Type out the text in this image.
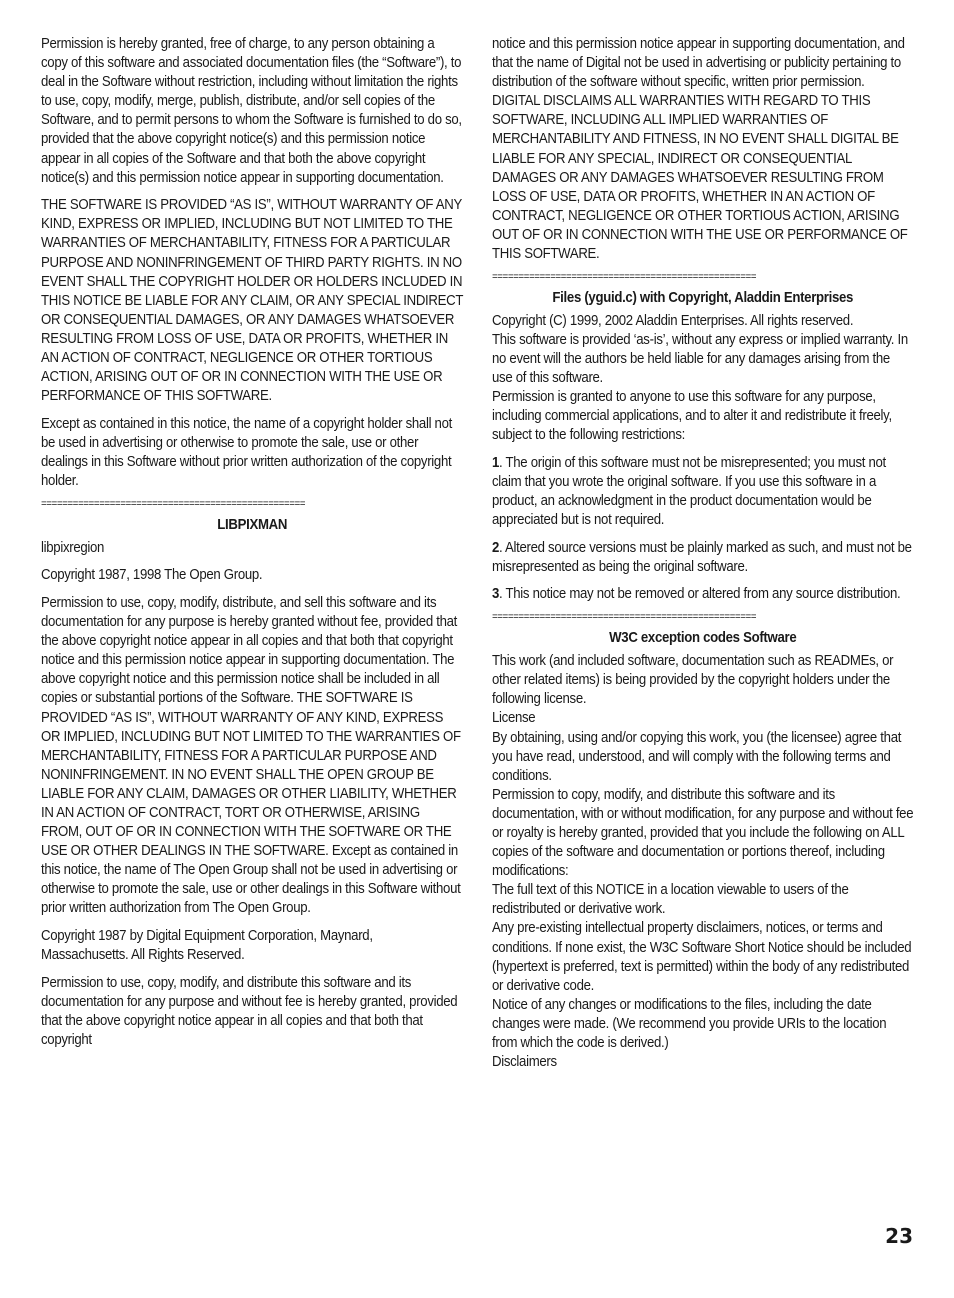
Permission is hereby granted, free of charge, to any person obtaining a copy of this software and associated documentation files (the “Software”), to deal in the Software without restriction, including without limitation the rights to use, copy, modify, merge, publish, distribute, and/or sell copies of the Software, and to permit persons to whom the Software is furnished to do so, provided that the above copyright notice(s) and this permission notice appear in all copies of the Software and that both the above copyright notice(s) and this permission notice appear in supporting documentation.

THE SOFTWARE IS PROVIDED “AS IS”, WITHOUT WARRANTY OF ANY KIND, EXPRESS OR IMPLIED, INCLUDING BUT NOT LIMITED TO THE WARRANTIES OF MERCHANTABILITY, FITNESS FOR A PARTICULAR PURPOSE AND NONINFRINGEMENT OF THIRD PARTY RIGHTS. IN NO EVENT SHALL THE COPYRIGHT HOLDER OR HOLDERS INCLUDED IN THIS NOTICE BE LIABLE FOR ANY CLAIM, OR ANY SPECIAL INDIRECT OR CONSEQUENTIAL DAMAGES, OR ANY DAMAGES WHATSOEVER RESULTING FROM LOSS OF USE, DATA OR PROFITS, WHETHER IN AN ACTION OF CONTRACT, NEGLIGENCE OR OTHER TORTIOUS ACTION, ARISING OUT OF OR IN CONNECTION WITH THE USE OR PERFORMANCE OF THIS SOFTWARE.

Except as contained in this notice, the name of a copyright holder shall not be used in advertising or otherwise to promote the sale, use or other dealings in this Software without prior written authorization of the copyright holder.

==================================================
LIBPIXMAN

libpixregion

Copyright 1987, 1998 The Open Group.

Permission to use, copy, modify, distribute, and sell this software and its documentation for any purpose is hereby granted without fee, provided that the above copyright notice appear in all copies and that both that copyright notice and this permission notice appear in supporting documentation. The above copyright notice and this permission notice shall be included in all copies or substantial portions of the Software. THE SOFTWARE IS PROVIDED “AS IS”, WITHOUT WARRANTY OF ANY KIND, EXPRESS OR IMPLIED, INCLUDING BUT NOT LIMITED TO THE WARRANTIES OF MERCHANTABILITY, FITNESS FOR A PARTICULAR PURPOSE AND NONINFRINGEMENT. IN NO EVENT SHALL THE OPEN GROUP BE LIABLE FOR ANY CLAIM, DAMAGES OR OTHER LIABILITY, WHETHER IN AN ACTION OF CONTRACT, TORT OR OTHERWISE, ARISING FROM, OUT OF OR IN CONNECTION WITH THE SOFTWARE OR THE USE OR OTHER DEALINGS IN THE SOFTWARE. Except as contained in this notice, the name of The Open Group shall not be used in advertising or otherwise to promote the sale, use or other dealings in this Software without prior written authorization from The Open Group.

Copyright 1987 by Digital Equipment Corporation, Maynard, Massachusetts. All Rights Reserved.

Permission to use, copy, modify, and distribute this software and its documentation for any purpose and without fee is hereby granted, provided that the above copyright notice appear in all copies and that both that copyright

notice and this permission notice appear in supporting documentation, and that the name of Digital not be used in advertising or publicity pertaining to distribution of the software without specific, written prior permission. DIGITAL DISCLAIMS ALL WARRANTIES WITH REGARD TO THIS SOFTWARE, INCLUDING ALL IMPLIED WARRANTIES OF MERCHANTABILITY AND FITNESS, IN NO EVENT SHALL DIGITAL BE LIABLE FOR ANY SPECIAL, INDIRECT OR CONSEQUENTIAL DAMAGES OR ANY DAMAGES WHATSOEVER RESULTING FROM LOSS OF USE, DATA OR PROFITS, WHETHER IN AN ACTION OF CONTRACT, NEGLIGENCE OR OTHER TORTIOUS ACTION, ARISING OUT OF OR IN CONNECTION WITH THE USE OR PERFORMANCE OF THIS SOFTWARE.

==================================================
Files (yguid.c) with Copyright, Aladdin Enterprises

Copyright (C) 1999, 2002 Aladdin Enterprises. All rights reserved.

This software is provided ‘as-is’, without any express or implied warranty. In no event will the authors be held liable for any damages arising from the use of this software.

Permission is granted to anyone to use this software for any purpose, including commercial applications, and to alter it and redistribute it freely, subject to the following restrictions:

1. The origin of this software must not be misrepresented; you must not claim that you wrote the original software. If you use this software in a product, an acknowledgment in the product documentation would be appreciated but is not required.

2. Altered source versions must be plainly marked as such, and must not be misrepresented as being the original software.

3. This notice may not be removed or altered from any source distribution.

==================================================
W3C exception codes Software

This work (and included software, documentation such as READMEs, or other related items) is being provided by the copyright holders under the following license.

License

By obtaining, using and/or copying this work, you (the licensee) agree that you have read, understood, and will comply with the following terms and conditions.

Permission to copy, modify, and distribute this software and its documentation, with or without modification, for any purpose and without fee or royalty is hereby granted, provided that you include the following on ALL copies of the software and documentation or portions thereof, including modifications:

The full text of this NOTICE in a location viewable to users of the redistributed or derivative work.

Any pre-existing intellectual property disclaimers, notices, or terms and conditions. If none exist, the W3C Software Short Notice should be included (hypertext is preferred, text is permitted) within the body of any redistributed or derivative code.

Notice of any changes or modifications to the files, including the date changes were made. (We recommend you provide URIs to the location from which the code is derived.)

Disclaimers

23
